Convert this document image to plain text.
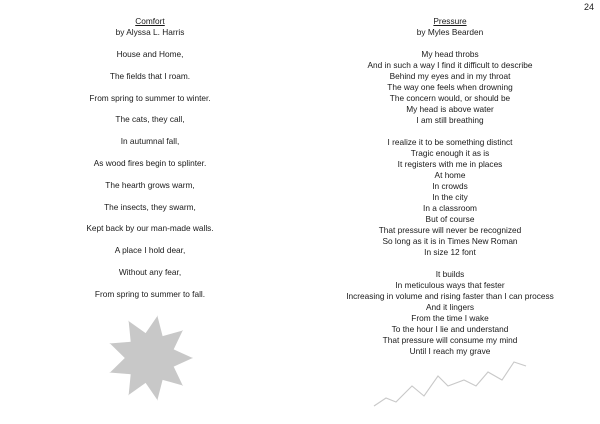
24
Comfort
by Alyssa L. Harris
House and Home,
The fields that I roam.
From spring to summer to winter.
The cats, they call,
In autumnal fall,
As wood fires begin to splinter.
The hearth grows warm,
The insects, they swarm,
Kept back by our man-made walls.
A place I hold dear,
Without any fear,
From spring to summer to fall.
Pressure
by Myles Bearden
My head throbs
And in such a way I find it difficult to describe
Behind my eyes and in my throat
The way one feels when drowning
The concern would, or should be
My head is above water
I am still breathing
I realize it to be something distinct
Tragic enough it as is
It registers with me in places
At home
In crowds
In the city
In a classroom
But of course
That pressure will never be recognized
So long as it is in Times New Roman
In size 12 font
It builds
In meticulous ways that fester
Increasing in volume and rising faster than I can process
And it lingers
From the time I wake
To the hour I lie and understand
That pressure will consume my mind
Until I reach my grave
